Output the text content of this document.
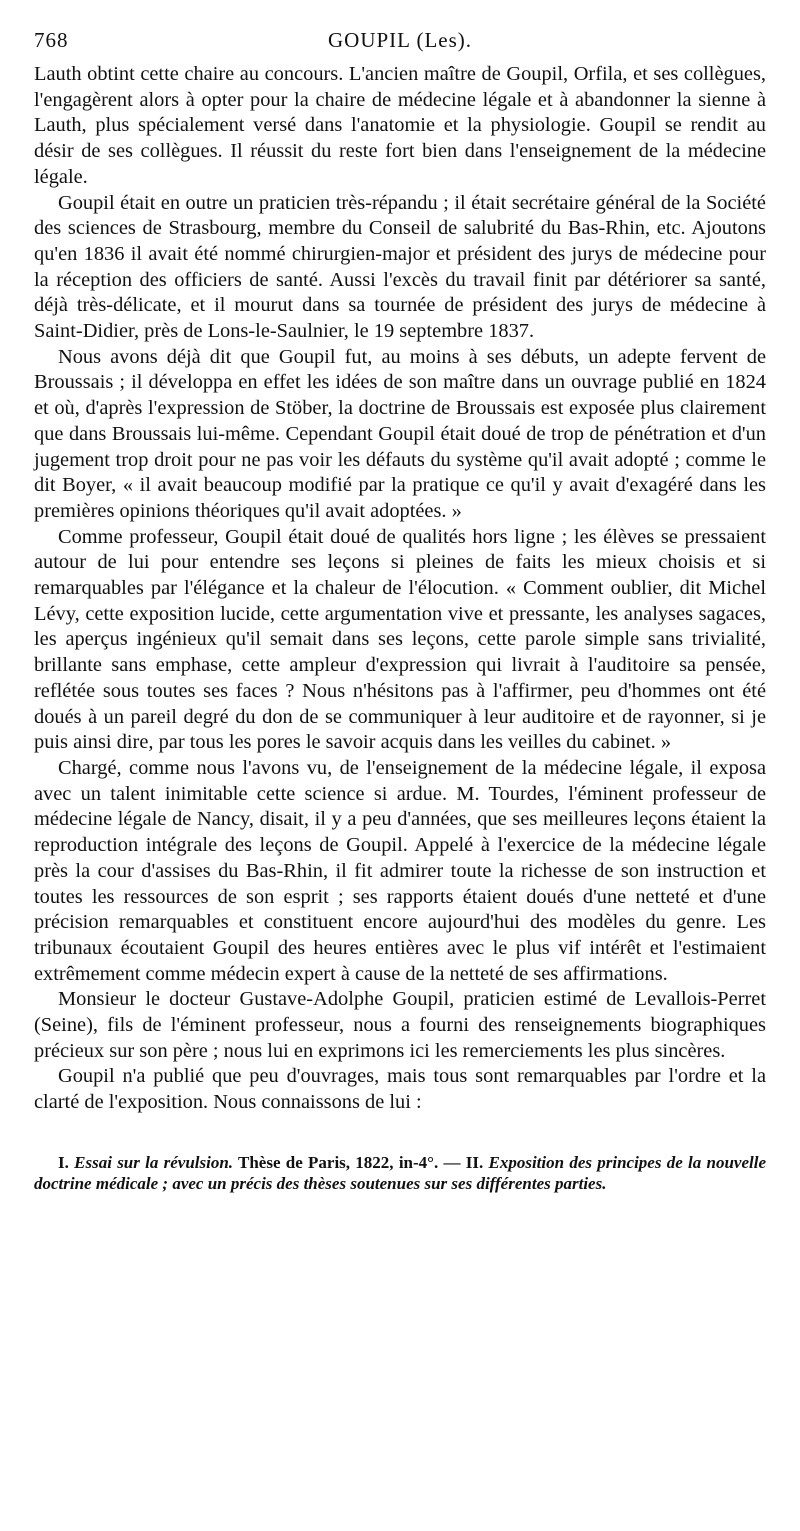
768	GOUPIL (Les).

Lauth obtint cette chaire au concours. L'ancien maître de Goupil, Orfila, et ses collègues, l'engagèrent alors à opter pour la chaire de médecine légale et à abandonner la sienne à Lauth, plus spécialement versé dans l'anatomie et la physiologie. Goupil se rendit au désir de ses collègues. Il réussit du reste fort bien dans l'enseignement de la médecine légale.

Goupil était en outre un praticien très-répandu ; il était secrétaire général de la Société des sciences de Strasbourg, membre du Conseil de salubrité du Bas-Rhin, etc. Ajoutons qu'en 1836 il avait été nommé chirurgien-major et président des jurys de médecine pour la réception des officiers de santé. Aussi l'excès du travail finit par détériorer sa santé, déjà très-délicate, et il mourut dans sa tournée de président des jurys de médecine à Saint-Didier, près de Lons-le-Saulnier, le 19 septembre 1837.

Nous avons déjà dit que Goupil fut, au moins à ses débuts, un adepte fervent de Broussais ; il développa en effet les idées de son maître dans un ouvrage publié en 1824 et où, d'après l'expression de Stöber, la doctrine de Broussais est exposée plus clairement que dans Broussais lui-même. Cependant Goupil était doué de trop de pénétration et d'un jugement trop droit pour ne pas voir les défauts du système qu'il avait adopté ; comme le dit Boyer, « il avait beaucoup modifié par la pratique ce qu'il y avait d'exagéré dans les premières opinions théoriques qu'il avait adoptées. »

Comme professeur, Goupil était doué de qualités hors ligne ; les élèves se pressaient autour de lui pour entendre ses leçons si pleines de faits les mieux choisis et si remarquables par l'élégance et la chaleur de l'élocution. « Comment oublier, dit Michel Lévy, cette exposition lucide, cette argumentation vive et pressante, les analyses sagaces, les aperçus ingénieux qu'il semait dans ses leçons, cette parole simple sans trivialité, brillante sans emphase, cette ampleur d'expression qui livrait à l'auditoire sa pensée, reflétée sous toutes ses faces ? Nous n'hésitons pas à l'affirmer, peu d'hommes ont été doués à un pareil degré du don de se communiquer à leur auditoire et de rayonner, si je puis ainsi dire, par tous les pores le savoir acquis dans les veilles du cabinet. »

Chargé, comme nous l'avons vu, de l'enseignement de la médecine légale, il exposa avec un talent inimitable cette science si ardue. M. Tourdes, l'éminent professeur de médecine légale de Nancy, disait, il y a peu d'années, que ses meilleures leçons étaient la reproduction intégrale des leçons de Goupil. Appelé à l'exercice de la médecine légale près la cour d'assises du Bas-Rhin, il fit admirer toute la richesse de son instruction et toutes les ressources de son esprit ; ses rapports étaient doués d'une netteté et d'une précision remarquables et constituent encore aujourd'hui des modèles du genre. Les tribunaux écoutaient Goupil des heures entières avec le plus vif intérêt et l'estimaient extrêmement comme médecin expert à cause de la netteté de ses affirmations.

Monsieur le docteur Gustave-Adolphe Goupil, praticien estimé de Levallois-Perret (Seine), fils de l'éminent professeur, nous a fourni des renseignements biographiques précieux sur son père ; nous lui en exprimons ici les remerciements les plus sincères.

Goupil n'a publié que peu d'ouvrages, mais tous sont remarquables par l'ordre et la clarté de l'exposition. Nous connaissons de lui :

I. Essai sur la révulsion. Thèse de Paris, 1822, in-4°. — II. Exposition des principes de la nouvelle doctrine médicale ; avec un précis des thèses soutenues sur ses différentes parties.
